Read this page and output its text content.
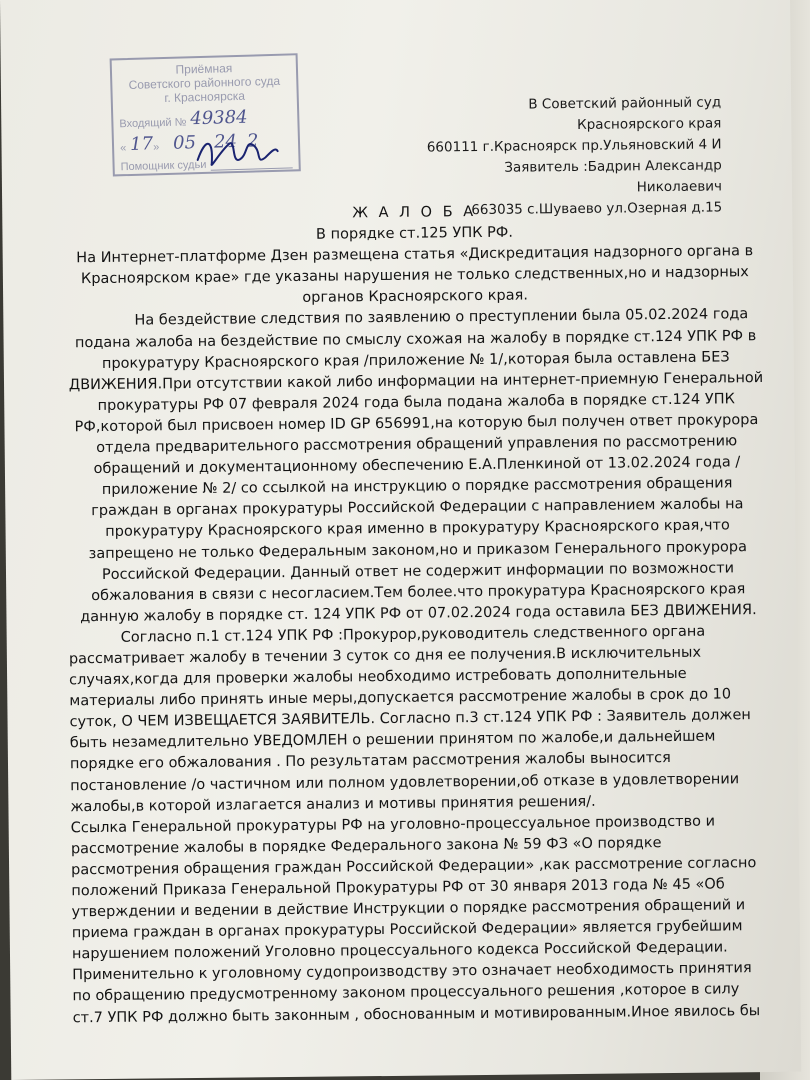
Приёмная
Советского районного суда
г. Красноярска
Входящий № 49384
« 17 » 05 24 2
Помощник судьи
В Советский районный суд
Красноярского края
660111 г.Красноярск пр.Ульяновский 4 И
Заявитель :Бадрин Александр Николаевич
663035 с.Шуваево ул.Озерная д.15
Ж А Л О Б А
В порядке ст.125 УПК РФ.
На Интернет-платформе Дзен размещена статья «Дискредитация надзорного органа в Красноярском крае» где указаны нарушения не только следственных,но и надзорных органов Красноярского края.
На бездействие следствия по заявлению о преступлении была 05.02.2024 года подана жалоба на бездействие по смыслу схожая на жалобу в порядке ст.124 УПК РФ в прокуратуру Красноярского края /приложение № 1/,которая была оставлена БЕЗ ДВИЖЕНИЯ.При отсутствии какой либо информации на интернет-приемную Генеральной прокуратуры РФ 07 февраля 2024 года была подана жалоба в порядке ст.124 УПК РФ,которой был присвоен номер ID GP 656991,на которую был получен ответ прокурора отдела предварительного рассмотрения обращений управления по рассмотрению обращений и документационному обеспечению Е.А.Пленкиной от 13.02.2024 года /приложение № 2/ со ссылкой на инструкцию о порядке рассмотрения обращения граждан в органах прокуратуры Российской Федерации с направлением жалобы на прокуратуру Красноярского края именно в прокуратуру Красноярского края,что запрещено не только Федеральным законом,но и приказом Генерального прокурора Российской Федерации. Данный ответ не содержит информации по возможности обжалования в связи с несогласием.Тем более.что прокуратура Красноярского края данную жалобу в порядке ст. 124 УПК РФ от 07.02.2024 года оставила БЕЗ ДВИЖЕНИЯ.
Согласно п.1 ст.124 УПК РФ :Прокурор,руководитель следственного органа рассматривает жалобу в течении 3 суток со дня ее получения.В исключительных случаях,когда для проверки жалобы необходимо истребовать дополнительные материалы либо принять иные меры,допускается рассмотрение жалобы в срок до 10 суток, О ЧЕМ ИЗВЕЩАЕТСЯ ЗАЯВИТЕЛЬ. Согласно п.3 ст.124 УПК РФ : Заявитель должен быть незамедлительно УВЕДОМЛЕН о решении принятом по жалобе,и дальнейшем порядке его обжалования . По результатам рассмотрения жалобы выносится постановление /о частичном или полном удовлетворении,об отказе в удовлетворении жалобы,в которой излагается анализ и мотивы принятия решения/.
Ссылка Генеральной прокуратуры РФ на уголовно-процессуальное производство и рассмотрение жалобы в порядке Федерального закона № 59 ФЗ «О порядке рассмотрения обращения граждан Российской Федерации» ,как рассмотрение согласно положений Приказа Генеральной Прокуратуры РФ от 30 января 2013 года № 45 «Об утверждении и ведении в действие Инструкции о порядке рассмотрения обращений и приема граждан в органах прокуратуры Российской Федерации» является грубейшим нарушением положений Уголовно процессуального кодекса Российской Федерации.
Применительно к уголовному судопроизводству это означает необходимость принятия по обращению предусмотренному законом процессуального решения ,которое в силу ст.7 УПК РФ должно быть законным , обоснованным и мотивированным.Иное явилось бы
